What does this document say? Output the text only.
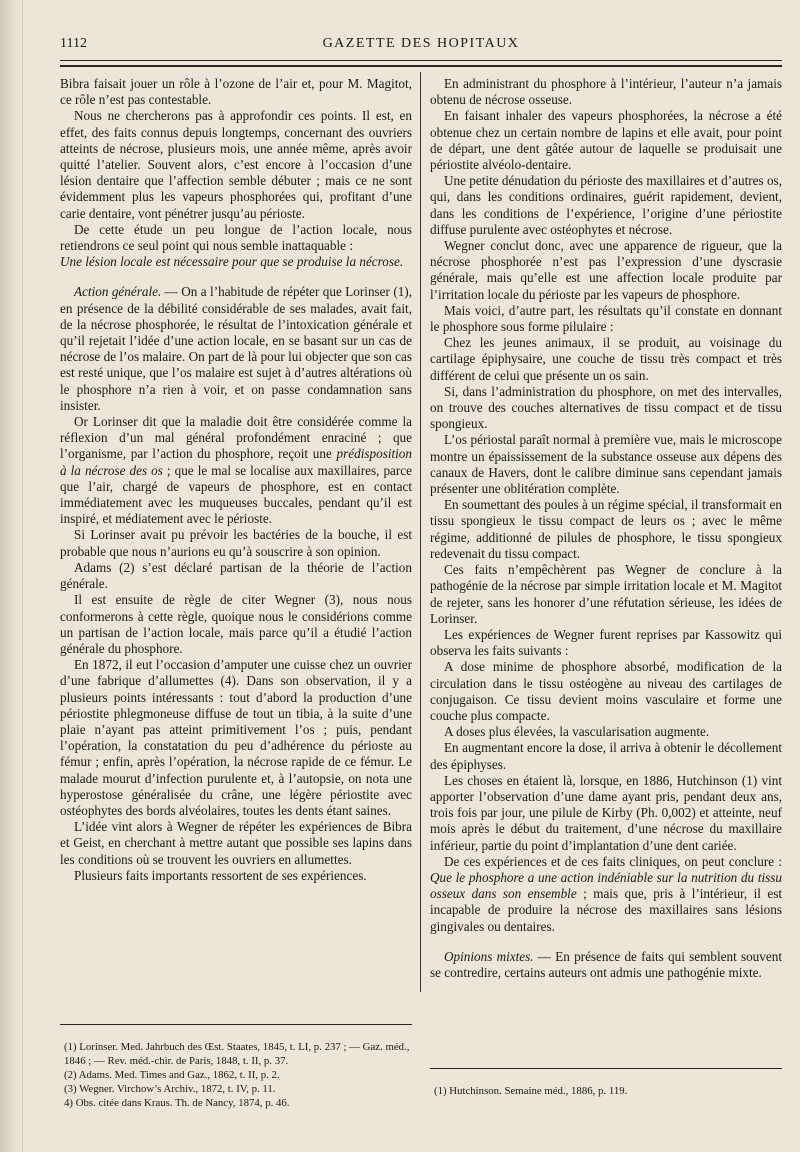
1112	GAZETTE DES HOPITAUX

Bibra faisait jouer un rôle à l’ozone de l’air et, pour M. Magitot, ce rôle n’est pas contestable.

Nous ne chercherons pas à approfondir ces points. Il est, en effet, des faits connus depuis longtemps, concernant des ouvriers atteints de nécrose, plusieurs mois, une année même, après avoir quitté l’atelier. Souvent alors, c’est encore à l’occasion d’une lésion dentaire que l’affection semble débuter ; mais ce ne sont évidemment plus les vapeurs phosphorées qui, profitant d’une carie dentaire, vont pénétrer jusqu’au périoste.

De cette étude un peu longue de l’action locale, nous retiendrons ce seul point qui nous semble inattaquable :

Une lésion locale est nécessaire pour que se produise la nécrose.

Action générale. — On a l’habitude de répéter que Lorinser (1), en présence de la débilité considérable de ses malades, avait fait, de la nécrose phosphorée, le résultat de l’intoxication générale et qu’il rejetait l’idée d’une action locale, en se basant sur un cas de nécrose de l’os malaire. On part de là pour lui objecter que son cas est resté unique, que l’os malaire est sujet à d’autres altérations où le phosphore n’a rien à voir, et on passe condamnation sans insister.

Or Lorinser dit que la maladie doit être considérée comme la réflexion d’un mal général profondément enraciné ; que l’organisme, par l’action du phosphore, reçoit une prédisposition à la nécrose des os ; que le mal se localise aux maxillaires, parce que l’air, chargé de vapeurs de phosphore, est en contact immédiatement avec les muqueuses buccales, pendant qu’il est inspiré, et médiatement avec le périoste.

Si Lorinser avait pu prévoir les bactéries de la bouche, il est probable que nous n’aurions eu qu’à souscrire à son opinion.

Adams (2) s’est déclaré partisan de la théorie de l’action générale.

Il est ensuite de règle de citer Wegner (3), nous nous conformerons à cette règle, quoique nous le considérions comme un partisan de l’action locale, mais parce qu’il a étudié l’action générale du phosphore.

En 1872, il eut l’occasion d’amputer une cuisse chez un ouvrier d’une fabrique d’allumettes (4). Dans son observation, il y a plusieurs points intéressants : tout d’abord la production d’une périostite phlegmoneuse diffuse de tout un tibia, à la suite d’une plaie n’ayant pas atteint primitivement l’os ; puis, pendant l’opération, la constatation du peu d’adhérence du périoste au fémur ; enfin, après l’opération, la nécrose rapide de ce fémur. Le malade mourut d’infection purulente et, à l’autopsie, on nota une hyperostose généralisée du crâne, une légère périostite avec ostéophytes des bords alvéolaires, toutes les dents étant saines.

L’idée vint alors à Wegner de répéter les expériences de Bibra et Geist, en cherchant à mettre autant que possible ses lapins dans les conditions où se trouvent les ouvriers en allumettes.

Plusieurs faits importants ressortent de ses expériences.

(1) Lorinser. Med. Jahrbuch des Œst. Staates, 1845, t. LI, p. 237 ; — Gaz. méd., 1846 ; — Rev. méd.-chir. de Paris, 1848, t. II, p. 37.
(2) Adams. Med. Times and Gaz., 1862, t. II, p. 2.
(3) Wegner. Virchow’s Archiv., 1872, t. IV, p. 11.
4) Obs. citée dans Kraus. Th. de Nancy, 1874, p. 46.

En administrant du phosphore à l’intérieur, l’auteur n’a jamais obtenu de nécrose osseuse.

En faisant inhaler des vapeurs phosphorées, la nécrose a été obtenue chez un certain nombre de lapins et elle avait, pour point de départ, une dent gâtée autour de laquelle se produisait une périostite alvéolo-dentaire.

Une petite dénudation du périoste des maxillaires et d’autres os, qui, dans les conditions ordinaires, guérit rapidement, devient, dans les conditions de l’expérience, l’origine d’une périostite diffuse purulente avec ostéophytes et nécrose.

Wegner conclut donc, avec une apparence de rigueur, que la nécrose phosphorée n’est pas l’expression d’une dyscrasie générale, mais qu’elle est une affection locale produite par l’irritation locale du périoste par les vapeurs de phosphore.

Mais voici, d’autre part, les résultats qu’il constate en donnant le phosphore sous forme pilulaire :

Chez les jeunes animaux, il se produit, au voisinage du cartilage épiphysaire, une couche de tissu très compact et très différent de celui que présente un os sain.

Si, dans l’administration du phosphore, on met des intervalles, on trouve des couches alternatives de tissu compact et de tissu spongieux.

L’os périostal paraît normal à première vue, mais le microscope montre un épaississement de la substance osseuse aux dépens des canaux de Havers, dont le calibre diminue sans cependant jamais présenter une oblitération complète.

En soumettant des poules à un régime spécial, il transformait en tissu spongieux le tissu compact de leurs os ; avec le même régime, additionné de pilules de phosphore, le tissu spongieux redevenait du tissu compact.

Ces faits n’empêchèrent pas Wegner de conclure à la pathogénie de la nécrose par simple irritation locale et M. Magitot de rejeter, sans les honorer d’une réfutation sérieuse, les idées de Lorinser.

Les expériences de Wegner furent reprises par Kassowitz qui observa les faits suivants :

A dose minime de phosphore absorbé, modification de la circulation dans le tissu ostéogène au niveau des cartilages de conjugaison. Ce tissu devient moins vasculaire et forme une couche plus compacte.

A doses plus élevées, la vascularisation augmente.

En augmentant encore la dose, il arriva à obtenir le décollement des épiphyses.

Les choses en étaient là, lorsque, en 1886, Hutchinson (1) vint apporter l’observation d’une dame ayant pris, pendant deux ans, trois fois par jour, une pilule de Kirby (Ph. 0,002) et atteinte, neuf mois après le début du traitement, d’une nécrose du maxillaire inférieur, partie du point d’implantation d’une dent cariée.

De ces expériences et de ces faits cliniques, on peut conclure : Que le phosphore a une action indéniable sur la nutrition du tissu osseux dans son ensemble ; mais que, pris à l’intérieur, il est incapable de produire la nécrose des maxillaires sans lésions gingivales ou dentaires.

Opinions mixtes. — En présence de faits qui semblent souvent se contredire, certains auteurs ont admis une pathogénie mixte.

(1) Hutchinson. Semaine méd., 1886, p. 119.
